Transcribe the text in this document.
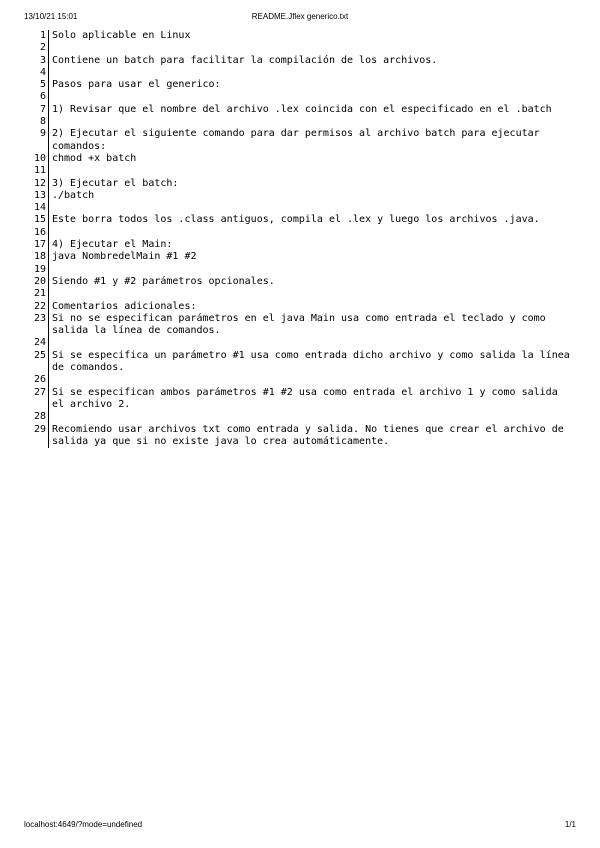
13/10/21 15:01	README.Jflex generico.txt
1 Solo aplicable en Linux
2
3 Contiene un batch para facilitar la compilación de los archivos.
4
5 Pasos para usar el generico:
6
7 1) Revisar que el nombre del archivo .lex coincida con el especificado en el .batch
8
9 2) Ejecutar el siguiente comando para dar permisos al archivo batch para ejecutar comandos:
10 chmod +x batch
11
12 3) Ejecutar el batch:
13 ./batch
14
15 Este borra todos los .class antiguos, compila el .lex y luego los archivos .java.
16
17 4) Ejecutar el Main:
18 java NombredelMain #1 #2
19
20 Siendo #1 y #2 parámetros opcionales.
21
22 Comentarios adicionales:
23 Si no se especifican parámetros en el java Main usa como entrada el teclado y como salida la línea de comandos.
24
25 Si se especifica un parámetro #1 usa como entrada dicho archivo y como salida la línea de comandos.
26
27 Si se especifican ambos parámetros #1 #2 usa como entrada el archivo 1 y como salida el archivo 2.
28
29 Recomiendo usar archivos txt como entrada y salida. No tienes que crear el archivo de salida ya que si no existe java lo crea automáticamente.
localhost:4649/?mode=undefined	1/1
